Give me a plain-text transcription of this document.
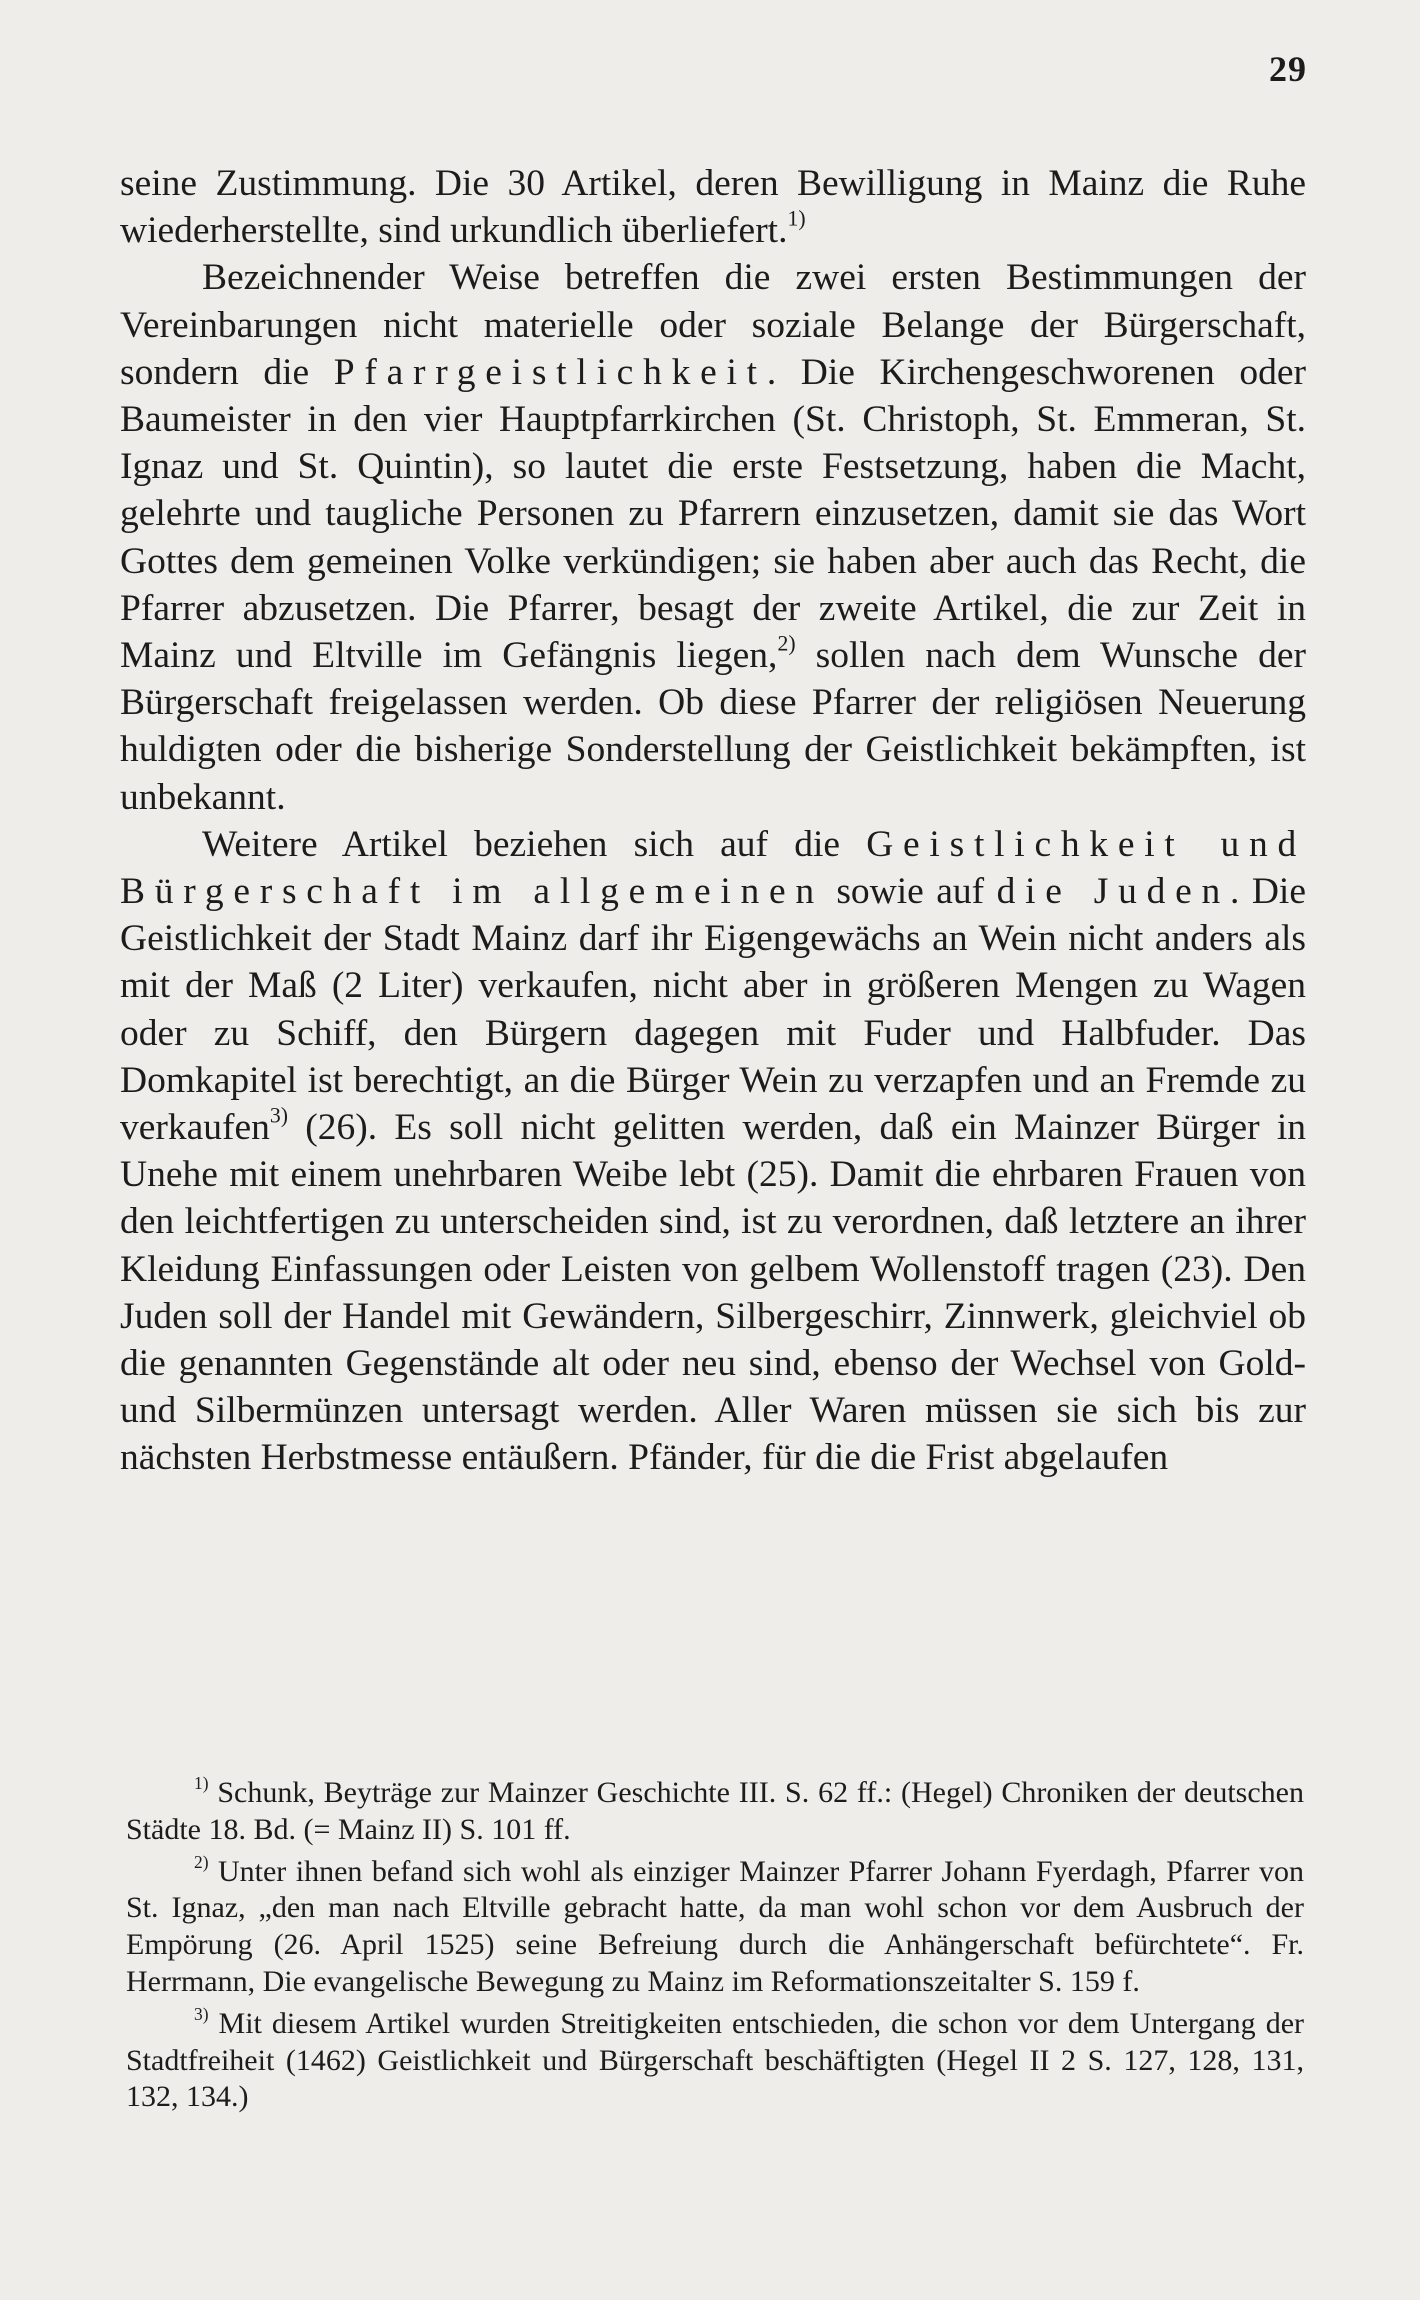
29

seine Zustimmung. Die 30 Artikel, deren Bewilligung in Mainz die Ruhe wiederherstellte, sind urkundlich überliefert.$^{1)}$

Bezeichnender Weise betreffen die zwei ersten Bestimmungen der Vereinbarungen nicht materielle oder soziale Belange der Bürgerschaft, sondern die Pfarrgeistlichkeit. Die Kirchengeschworenen oder Baumeister in den vier Hauptpfarrkirchen (St. Christoph, St. Emmeran, St. Ignaz und St. Quintin), so lautet die erste Festsetzung, haben die Macht, gelehrte und taugliche Personen zu Pfarrern einzusetzen, damit sie das Wort Gottes dem gemeinen Volke verkündigen; sie haben aber auch das Recht, die Pfarrer abzusetzen. Die Pfarrer, besagt der zweite Artikel, die zur Zeit in Mainz und Eltville im Gefängnis liegen,$^{2)}$ sollen nach dem Wunsche der Bürgerschaft freigelassen werden. Ob diese Pfarrer der religiösen Neuerung huldigten oder die bisherige Sonderstellung der Geistlichkeit bekämpften, ist unbekannt.

Weitere Artikel beziehen sich auf die Geistlichkeit und Bürgerschaft im allgemeinen sowie auf die Juden. Die Geistlichkeit der Stadt Mainz darf ihr Eigengewächs an Wein nicht anders als mit der Maß (2 Liter) verkaufen, nicht aber in größeren Mengen zu Wagen oder zu Schiff, den Bürgern dagegen mit Fuder und Halbfuder. Das Domkapitel ist berechtigt, an die Bürger Wein zu verzapfen und an Fremde zu verkaufen$^{3)}$ (26). Es soll nicht gelitten werden, daß ein Mainzer Bürger in Unehe mit einem unehrbaren Weibe lebt (25). Damit die ehrbaren Frauen von den leichtfertigen zu unterscheiden sind, ist zu verordnen, daß letztere an ihrer Kleidung Einfassungen oder Leisten von gelbem Wollenstoff tragen (23). Den Juden soll der Handel mit Gewändern, Silbergeschirr, Zinnwerk, gleichviel ob die genannten Gegenstände alt oder neu sind, ebenso der Wechsel von Gold- und Silbermünzen untersagt werden. Aller Waren müssen sie sich bis zur nächsten Herbstmesse entäußern. Pfänder, für die die Frist abgelaufen

$^{1)}$ Schunk, Beyträge zur Mainzer Geschichte III. S. 62 ff.: (Hegel) Chroniken der deutschen Städte 18. Bd. (= Mainz II) S. 101 ff.

$^{2)}$ Unter ihnen befand sich wohl als einziger Mainzer Pfarrer Johann Fyerdagh, Pfarrer von St. Ignaz, „den man nach Eltville gebracht hatte, da man wohl schon vor dem Ausbruch der Empörung (26. April 1525) seine Befreiung durch die Anhängerschaft befürchtete“. Fr. Herrmann, Die evangelische Bewegung zu Mainz im Reformationszeitalter S. 159 f.

$^{3)}$ Mit diesem Artikel wurden Streitigkeiten entschieden, die schon vor dem Untergang der Stadtfreiheit (1462) Geistlichkeit und Bürgerschaft beschäftigten (Hegel II 2 S. 127, 128, 131, 132, 134.)
